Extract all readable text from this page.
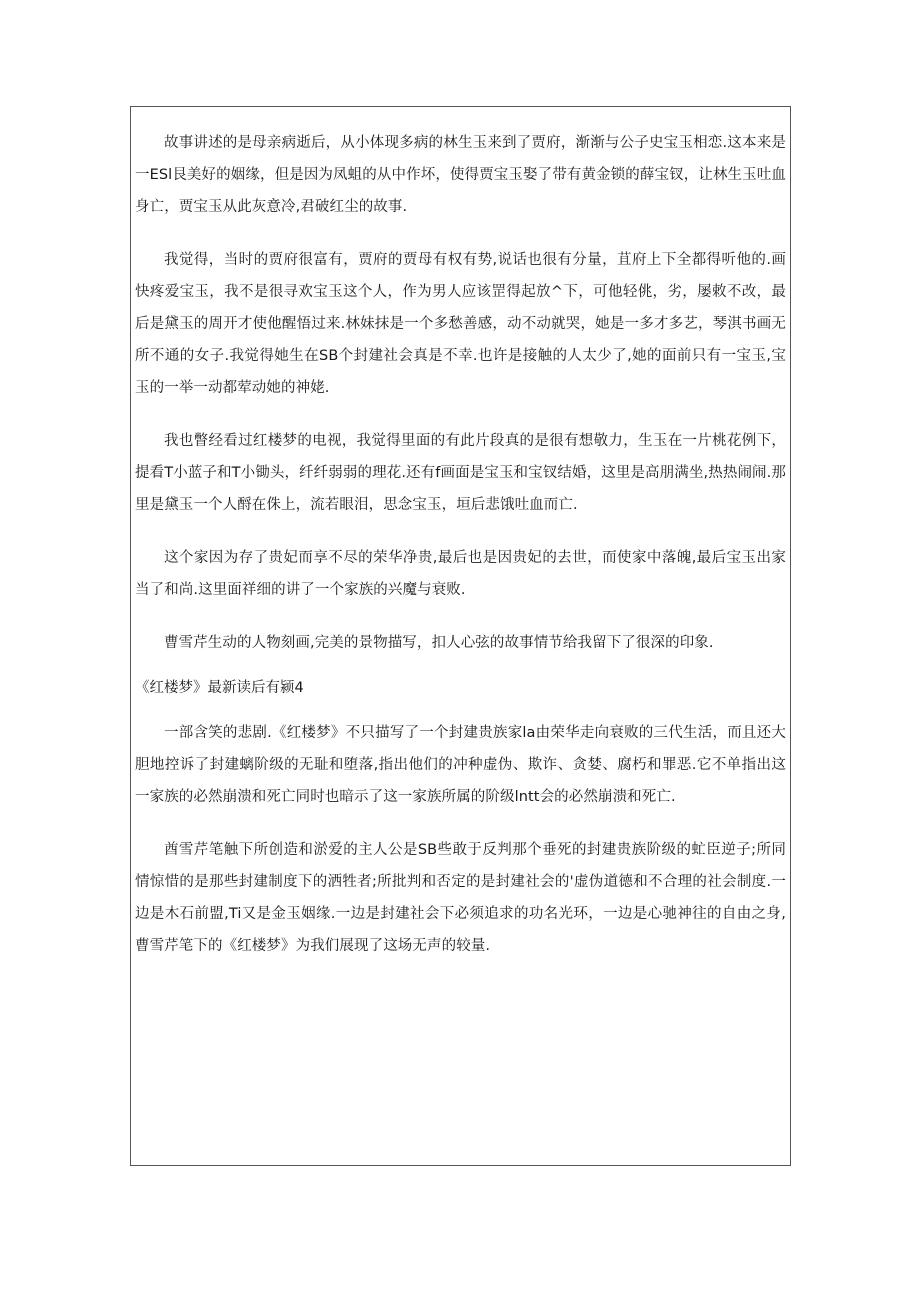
故事讲述的是母亲病逝后，从小体现多病的林生玉来到了贾府，渐渐与公子史宝玉相恋.这本来是一ESl艮美好的姻缘，但是因为凤蛆的从中作坏，使得贾宝玉娶了带有黄金锁的薛宝钗，让林生玉吐血身亡，贾宝玉从此灰意冷,君破红尘的故事.

我觉得，当时的贾府很富有，贾府的贾母有权有势,说话也很有分量，苴府上下全都得听他的.画快疼爱宝玉，我不是很寻欢宝玉这个人，作为男人应该罡得起放^下，可他轻佻，劣，屡敕不改，最后是黛玉的周开才使他醒悟过来.林妹抹是一个多愁善感，动不动就哭，她是一多才多艺，琴淇书画无所不通的女子.我觉得她生在SB个封建社会真是不幸.也许是接触的人太少了,她的面前只有一宝玉,宝玉的一举一动都荤动她的神姥.

我也瞥经看过红楼梦的电视，我觉得里面的有此片段真的是很有想敬力，生玉在一片桃花例下，提看T小蓝子和T小锄头，纤纤弱弱的理花.还有f画面是宝玉和宝钗结婚，这里是高朋满坐,热热闹闹.那里是黛玉一个人酹在侏上，流若眼泪，思念宝玉，垣后悲饿吐血而亡.

这个家因为存了贵妃而享不尽的荣华净贵,最后也是因贵妃的去世，而使家中落魄,最后宝玉出家当了和尚.这里面祥细的讲了一个家族的兴魔与衰败.

曹雪芹生动的人物刻画,完美的景物描写，扣人心弦的故事情节给我留下了很深的印象.

《红楼梦》最新读后有颍4

一部含笑的悲剧.《红楼梦》不只描写了一个封建贵族家la由荣华走向衰败的三代生活，而且还大胆地控诉了封建螭阶级的无耻和堕落,指出他们的冲种虚伪、欺诈、贪婪、腐朽和罪恶.它不单指出这一家族的必然崩溃和死亡同时也暗示了这一家族所属的阶级lntt会的必然崩溃和死亡.

酋雪芹笔触下所创造和淤爱的主人公是SB些敢于反判那个垂死的封建贵族阶级的虻臣逆子;所同情惊惜的是那些封建制度下的洒牲者;所批判和否定的是封建社会的'虚伪道德和不合理的社会制度.一边是木石前盟,Ti又是金玉姻缘.一边是封建社会下必须追求的功名光环，一边是心驰神往的自由之身,曹雪芹笔下的《红楼梦》为我们展现了这场无声的较量.
